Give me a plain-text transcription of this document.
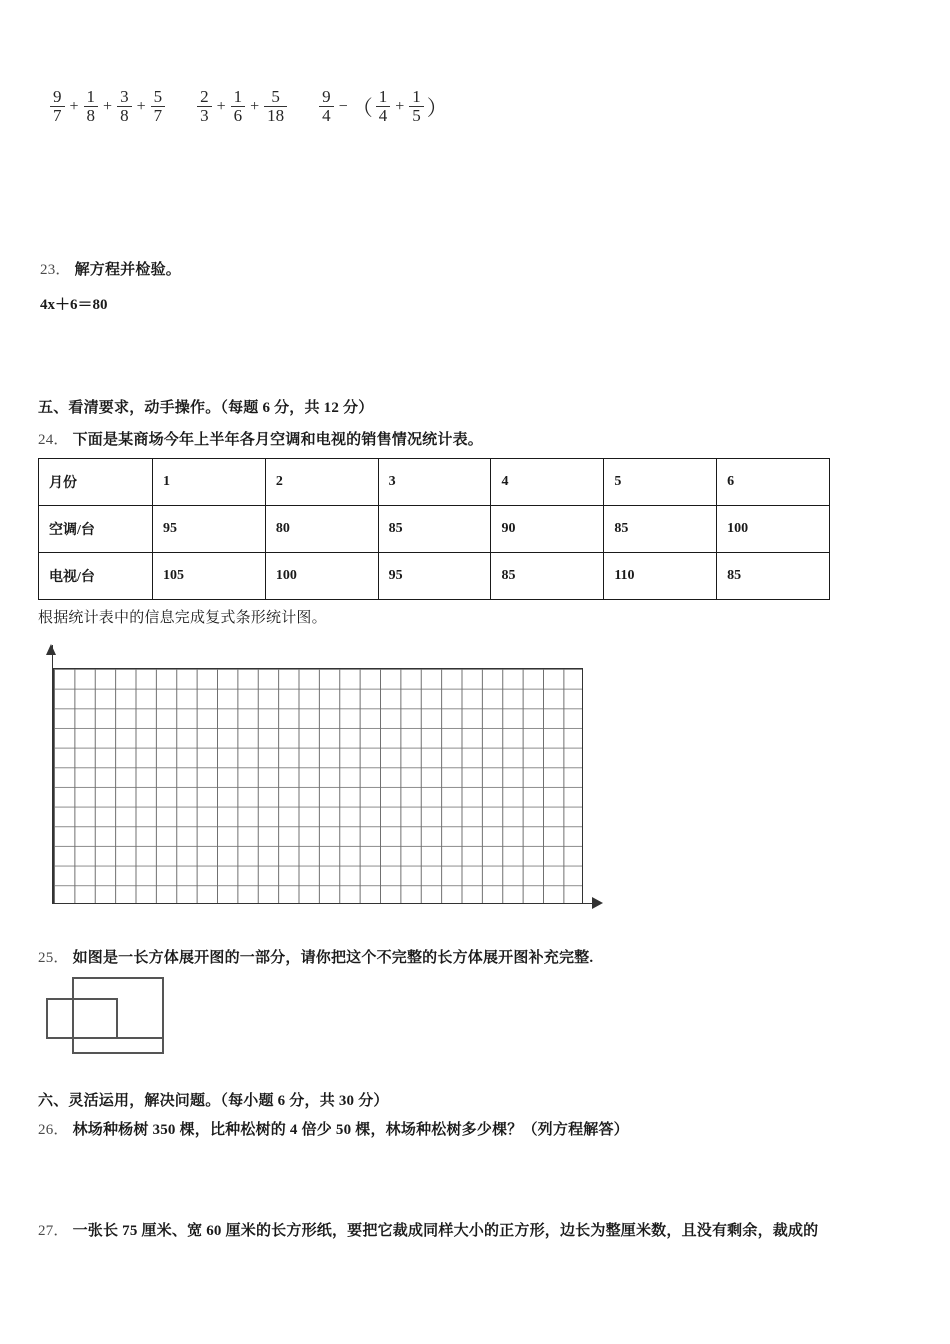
$\frac{9}{7} + \frac{1}{8} + \frac{3}{8} + \frac{5}{7} \frac{2}{3} + \frac{1}{6} + \frac{5}{18} \frac{9}{4}$ − （ $\frac{1}{4} + \frac{1}{5}$ ）
23． 解方程并检验。
4x＋6＝80
五、看清要求，动手操作。（每题 6 分，共 12 分）
24． 下面是某商场今年上半年各月空调和电视的销售情况统计表。
月份	1	2	3	4	5	6
空调/台	95	80	85	90	85	100
电视/台	105	100	95	85	110	85
根据统计表中的信息完成复式条形统计图。
25． 如图是一长方体展开图的一部分，请你把这个不完整的长方体展开图补充完整.
六、灵活运用，解决问题。（每小题 6 分，共 30 分）
26． 林场种杨树 350 棵，比种松树的 4 倍少 50 棵，林场种松树多少棵？（列方程解答）
27． 一张长 75 厘米、宽 60 厘米的长方形纸，要把它裁成同样大小的正方形，边长为整厘米数，且没有剩余，裁成的
